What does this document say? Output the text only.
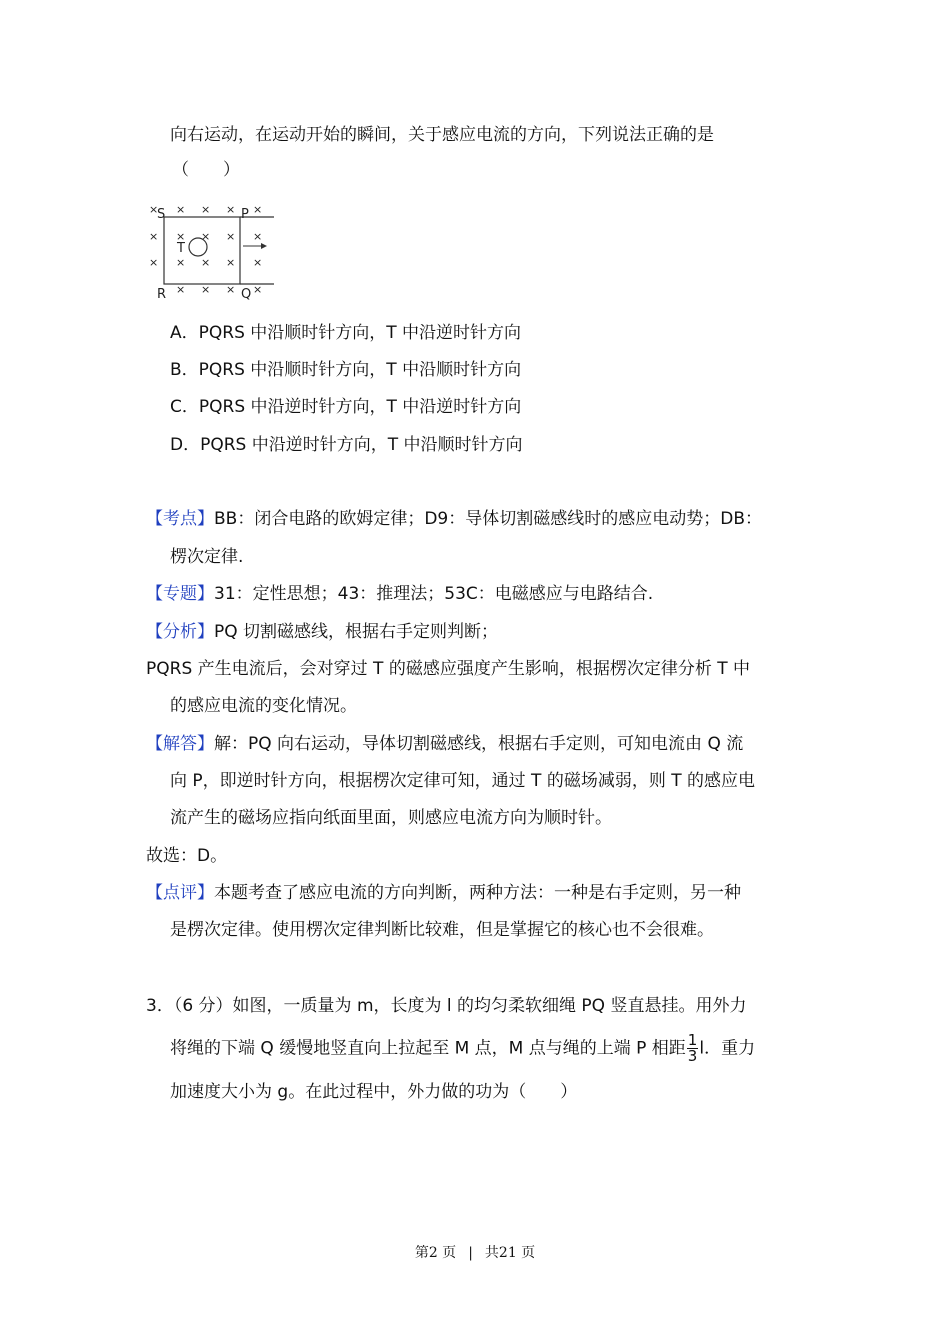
向右运动，在运动开始的瞬间，关于感应电流的方向，下列说法正确的是
（　　）
S	P
R	Q
T
× × × × ×
× × × × ×
× × × × ×
× × × ×
A．PQRS 中沿顺时针方向，T 中沿逆时针方向
B．PQRS 中沿顺时针方向，T 中沿顺时针方向
C．PQRS 中沿逆时针方向，T 中沿逆时针方向
D．PQRS 中沿逆时针方向，T 中沿顺时针方向
【考点】BB：闭合电路的欧姆定律；D9：导体切割磁感线时的感应电动势；DB：
楞次定律.
【专题】31：定性思想；43：推理法；53C：电磁感应与电路结合.
【分析】PQ 切割磁感线，根据右手定则判断；
PQRS 产生电流后，会对穿过 T 的磁感应强度产生影响，根据楞次定律分析 T 中
的感应电流的变化情况。
【解答】解：PQ 向右运动，导体切割磁感线，根据右手定则，可知电流由 Q 流
向 P，即逆时针方向，根据楞次定律可知，通过 T 的磁场减弱，则 T 的感应电
流产生的磁场应指向纸面里面，则感应电流方向为顺时针。
故选：D。
【点评】本题考查了感应电流的方向判断，两种方法：一种是右手定则，另一种
是楞次定律。使用楞次定律判断比较难，但是掌握它的核心也不会很难。
3．（6 分）如图，一质量为 m，长度为 l 的均匀柔软细绳 PQ 竖直悬挂。用外力
将绳的下端 Q 缓慢地竖直向上拉起至 M 点，M 点与绳的上端 P 相距 $\frac{1}{3}$ l．重力
加速度大小为 g。在此过程中，外力做的功为（　　）
第2 页 | 共21 页
